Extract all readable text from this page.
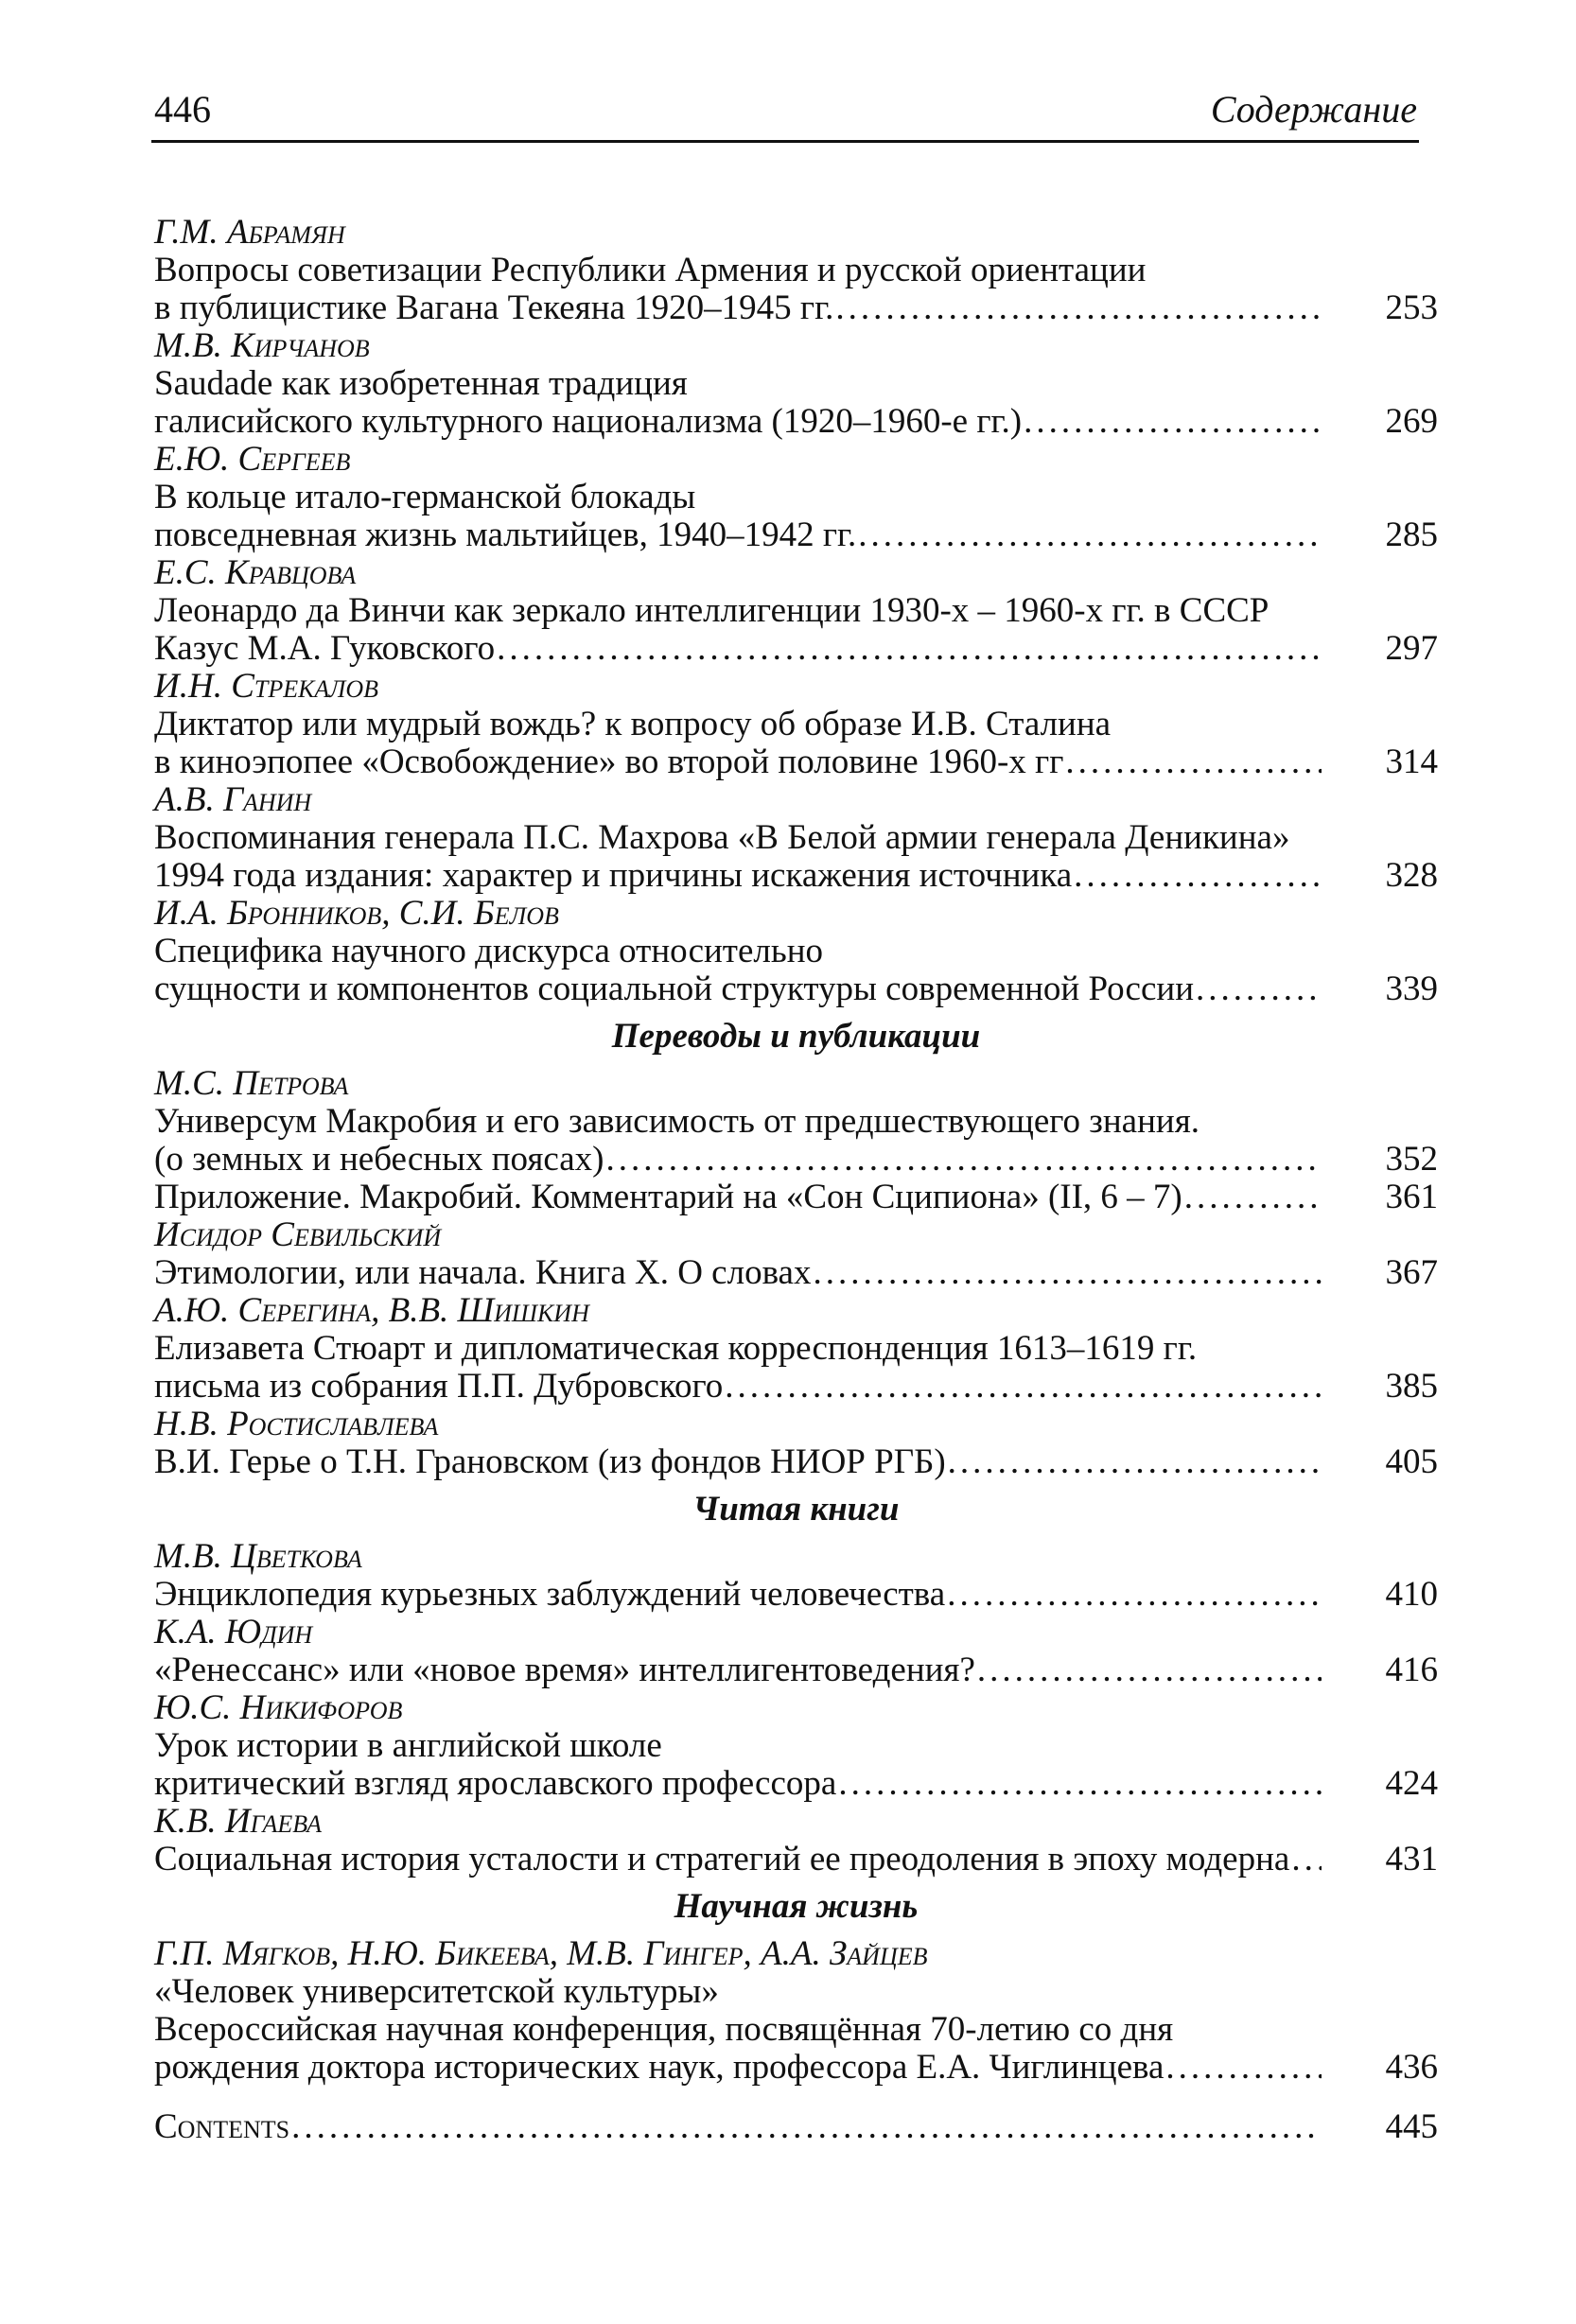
446	Содержание
Г.М. Абрамян
Вопросы советизации Республики Армения и русской ориентации
в публицистике Вагана Текеяна 1920–1945 гг. .....	253
М.В. Кирчанов
Saudade как изобретенная традиция
галисийского культурного национализма (1920–1960-е гг.) .....	269
Е.Ю. Сергеев
В кольце итало-германской блокады
повседневная жизнь мальтийцев, 1940–1942 гг. .....	285
Е.С. Кравцова
Леонардо да Винчи как зеркало интеллигенции 1930-х – 1960-х гг. в СССР
Казус М.А. Гуковского .....	297
И.Н. Стрекалов
Диктатор или мудрый вождь? к вопросу об образе И.В. Сталина
в киноэпопее «Освобождение» во второй половине 1960-х гг .....	314
А.В. Ганин
Воспоминания генерала П.С. Махрова «В Белой армии генерала Деникина»
1994 года издания: характер и причины искажения источника .....	328
И.А. Бронников, С.И. Белов
Специфика научного дискурса относительно
сущности и компонентов социальной структуры современной России .....	339
Переводы и публикации
М.С. Петрова
Универсум Макробия и его зависимость от предшествующего знания.
(о земных и небесных поясах) .....	352
Приложение. Макробий. Комментарий на «Сон Сципиона» (II, 6 – 7) .....	361
Исидор Севильский
Этимологии, или начала. Книга X. О словах .....	367
А.Ю. Серегина, В.В. Шишкин
Елизавета Стюарт и дипломатическая корреспонденция 1613–1619 гг.
письма из собрания П.П. Дубровского .....	385
Н.В. Ростиславлева
В.И. Герье о Т.Н. Грановском (из фондов НИОР РГБ) .....	405
Читая книги
М.В. Цветкова
Энциклопедия курьезных заблуждений человечества .....	410
К.А. Юдин
«Ренессанс» или «новое время» интеллигентоведения? .....	416
Ю.С. Никифоров
Урок истории в английской школе
критический взгляд ярославского профессора .....	424
К.В. Игаева
Социальная история усталости и стратегий ее преодоления в эпоху модерна .....	431
Научная жизнь
Г.П. Мягков, Н.Ю. Бикеева, М.В. Гингер, А.А. Зайцев
«Человек университетской культуры»
Всероссийская научная конференция, посвящённая 70-летию со дня
рождения доктора исторических наук, профессора Е.А. Чиглинцева .....	436
Contents .....	445
